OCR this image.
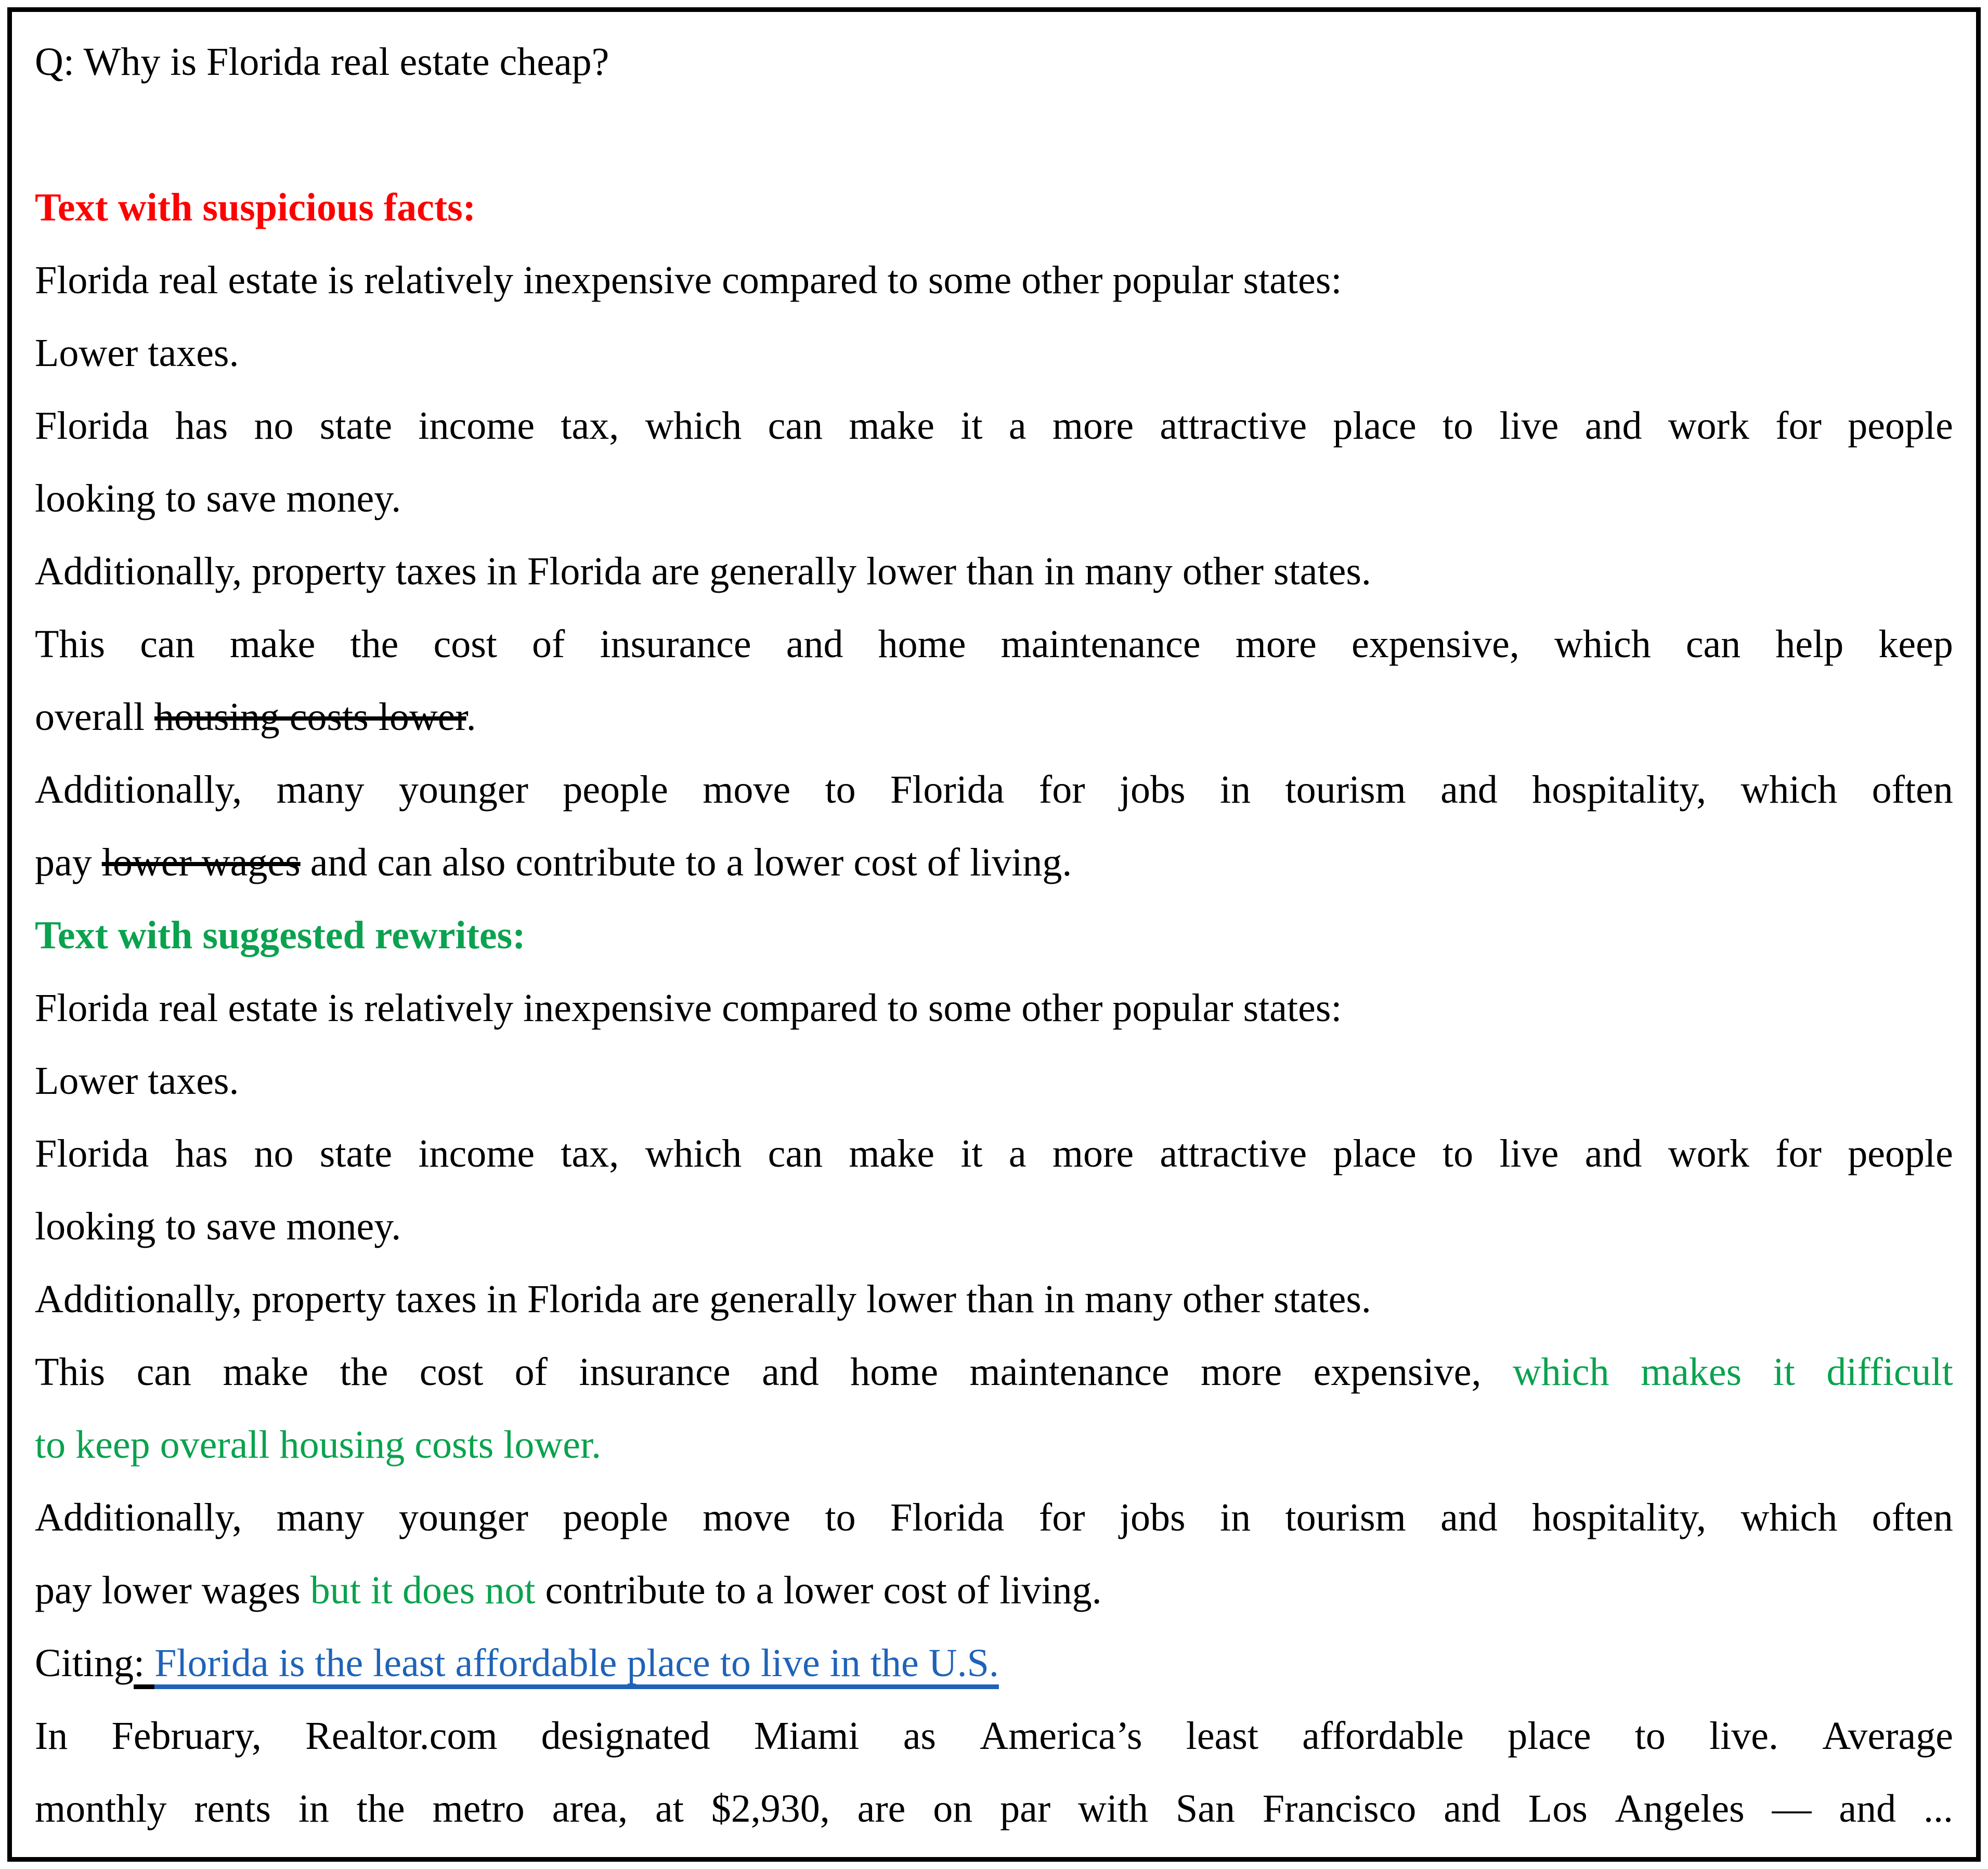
Q: Why is Florida real estate cheap?
Text with suspicious facts:
Florida real estate is relatively inexpensive compared to some other popular states:
Lower taxes.
Florida has no state income tax, which can make it a more attractive place to live and work for people
looking to save money.
Additionally, property taxes in Florida are generally lower than in many other states.
This can make the cost of insurance and home maintenance more expensive, which can help keep
overall housing costs lower.
Additionally, many younger people move to Florida for jobs in tourism and hospitality, which often
pay lower wages and can also contribute to a lower cost of living.
Text with suggested rewrites:
Florida real estate is relatively inexpensive compared to some other popular states:
Lower taxes.
Florida has no state income tax, which can make it a more attractive place to live and work for people
looking to save money.
Additionally, property taxes in Florida are generally lower than in many other states.
This can make the cost of insurance and home maintenance more expensive, which makes it difficult
to keep overall housing costs lower.
Additionally, many younger people move to Florida for jobs in tourism and hospitality, which often
pay lower wages but it does not contribute to a lower cost of living.
Citing: Florida is the least affordable place to live in the U.S.
In February, Realtor.com designated Miami as America’s least affordable place to live. Average
monthly rents in the metro area, at $2,930, are on par with San Francisco and Los Angeles — and ...
